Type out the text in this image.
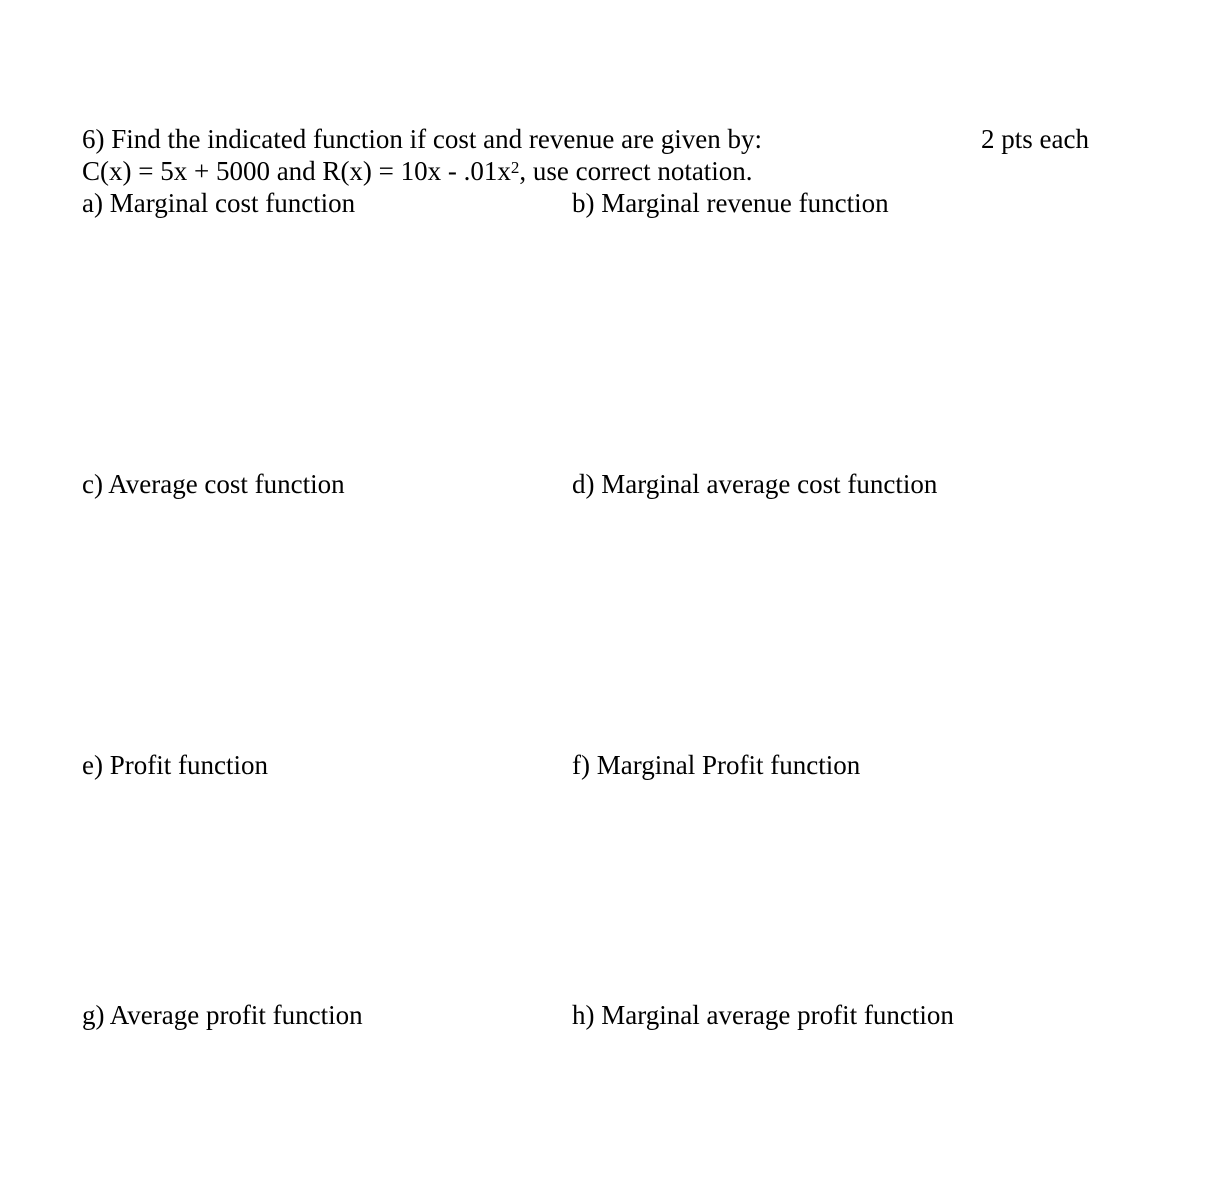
6) Find the indicated function if cost and revenue are given by:	2 pts each
C(x) = 5x + 5000 and $R(x) = 10x - .01x^2$, use correct notation.
a) Marginal cost function	b) Marginal revenue function
c) Average cost function	d) Marginal average cost function
e) Profit function	f) Marginal Profit function
g) Average profit function	h) Marginal average profit function
